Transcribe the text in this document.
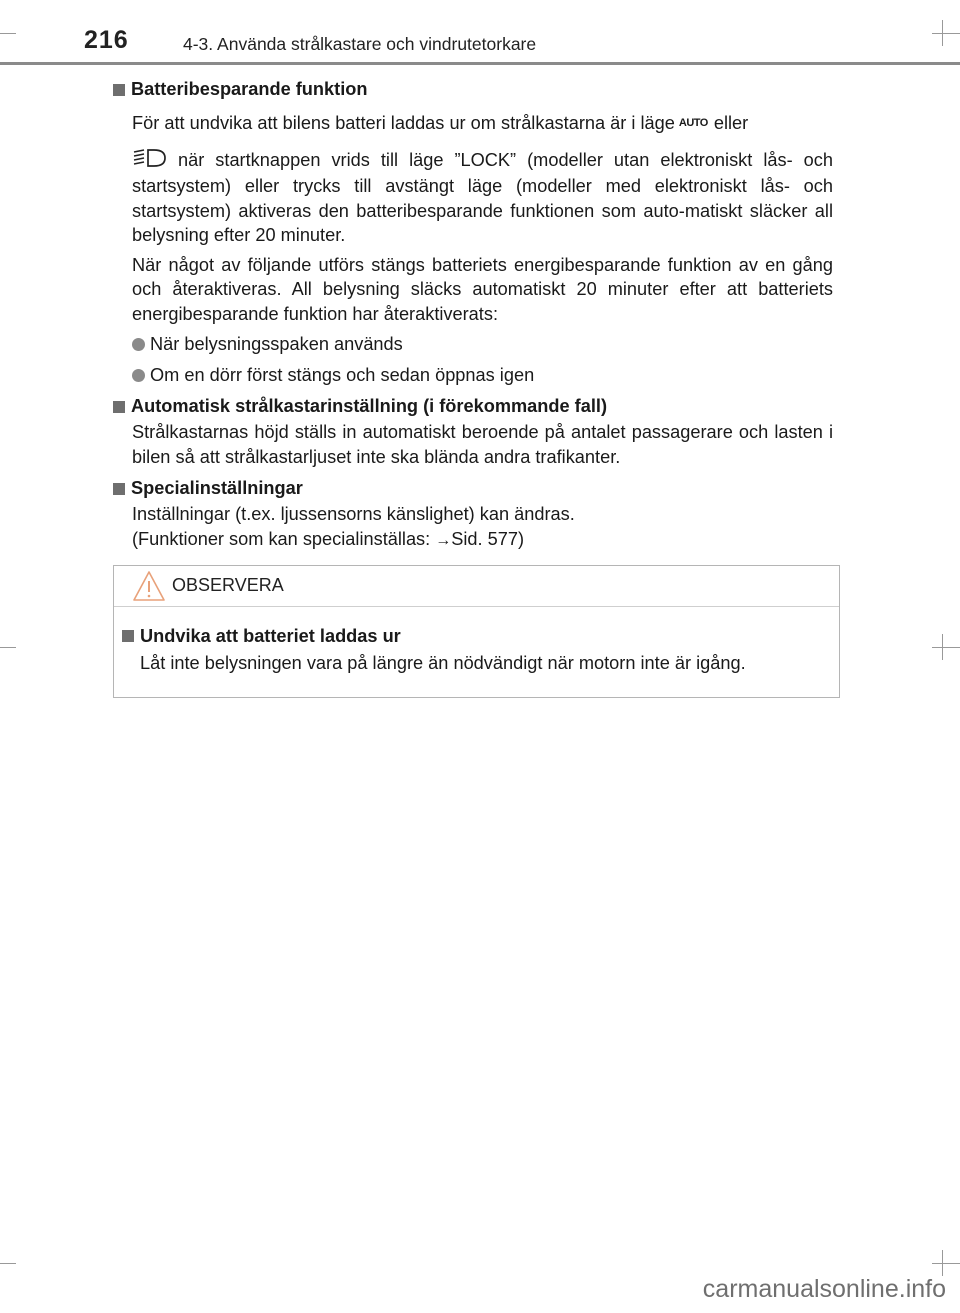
216	4-3. Använda strålkastare och vindrutetorkare
Batteribesparande funktion

För att undvika att bilens batteri laddas ur om strålkastarna är i läge AUTO eller

när startknappen vrids till läge ”LOCK” (modeller utan elektroniskt lås- och startsystem) eller trycks till avstängt läge (modeller med elektroniskt lås- och startsystem) aktiveras den batteribesparande funktionen som auto-matiskt släcker all belysning efter 20 minuter.

När något av följande utförs stängs batteriets energibesparande funktion av en gång och återaktiveras. All belysning släcks automatiskt 20 minuter efter att batteriets energibesparande funktion har återaktiverats:

När belysningsspaken används
Om en dörr först stängs och sedan öppnas igen
Automatisk strålkastarinställning (i förekommande fall)

Strålkastarnas höjd ställs in automatiskt beroende på antalet passagerare och lasten i bilen så att strålkastarljuset inte ska blända andra trafikanter.

Specialinställningar

Inställningar (t.ex. ljussensorns känslighet) kan ändras.

(Funktioner som kan specialinställas: →Sid. 577)

OBSERVERA
Undvika att batteriet laddas ur

Låt inte belysningen vara på längre än nödvändigt när motorn inte är igång.

carmanualsonline.info
